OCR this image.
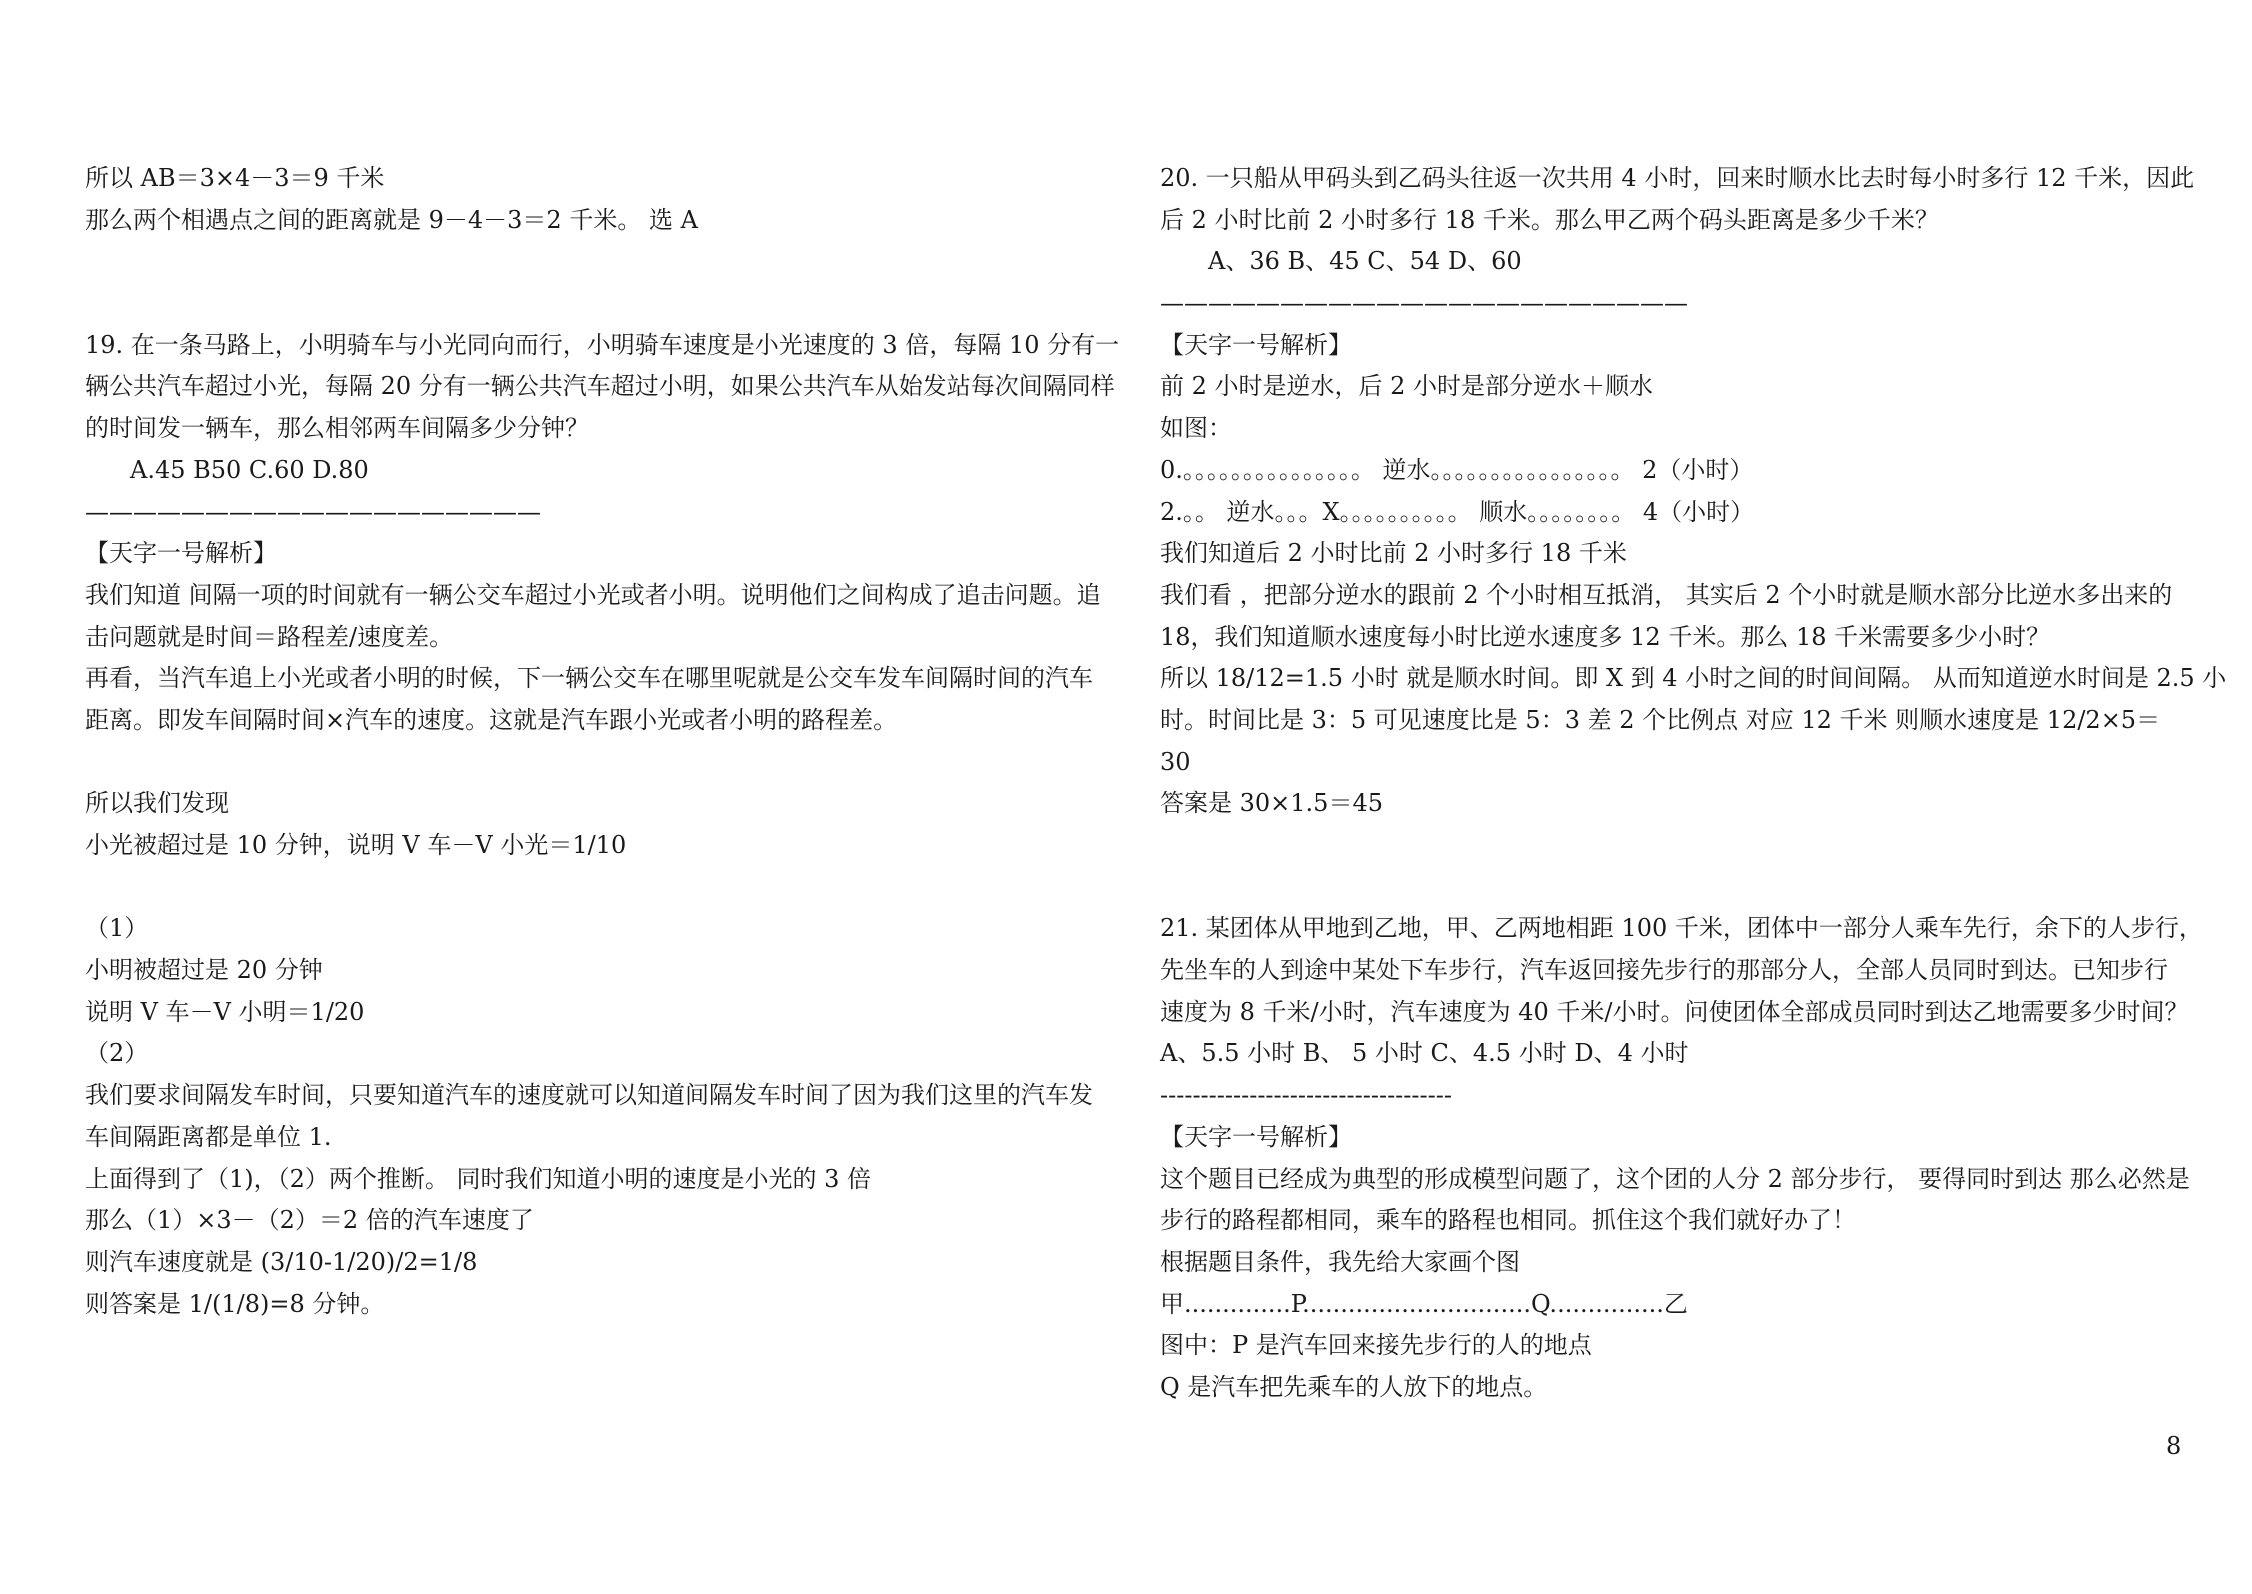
所以 AB＝3×4－3＝9 千米
那么两个相遇点之间的距离就是 9－4－3＝2 千米。 选 A
19. 在一条马路上，小明骑车与小光同向而行，小明骑车速度是小光速度的 3 倍，每隔 10 分有一
辆公共汽车超过小光，每隔 20 分有一辆公共汽车超过小明，如果公共汽车从始发站每次间隔同样
的时间发一辆车，那么相邻两车间隔多少分钟？
A.45 B50 C.60 D.80
———————————————————
【天字一号解析】
我们知道 间隔一项的时间就有一辆公交车超过小光或者小明。说明他们之间构成了追击问题。追
击问题就是时间＝路程差/速度差。
再看，当汽车追上小光或者小明的时候，下一辆公交车在哪里呢就是公交车发车间隔时间的汽车
距离。即发车间隔时间×汽车的速度。这就是汽车跟小光或者小明的路程差。
所以我们发现
小光被超过是 10 分钟，说明 V 车－V 小光＝1/10
（1）
小明被超过是 20 分钟
说明 V 车－V 小明＝1/20
（2）
我们要求间隔发车时间，只要知道汽车的速度就可以知道间隔发车时间了因为我们这里的汽车发
车间隔距离都是单位 1.
上面得到了（1)，（2）两个推断。 同时我们知道小明的速度是小光的 3 倍
那么（1）×3－（2）＝2 倍的汽车速度了
则汽车速度就是 (3/10-1/20)/2=1/8
则答案是 1/(1/8)=8 分钟。
20. 一只船从甲码头到乙码头往返一次共用 4 小时，回来时顺水比去时每小时多行 12 千米，因此
后 2 小时比前 2 小时多行 18 千米。那么甲乙两个码头距离是多少千米？
A、36 B、45 C、54 D、60
——————————————————————
【天字一号解析】
前 2 小时是逆水，后 2 小时是部分逆水＋顺水
如图：
0.。。。。。。。。。。。。。。。 逆水。。。。。。。。。。。。。。。。 2（小时）
2.。。 逆水。。。X。。。。。。。。。。 顺水。。。。。。。。 4（小时）
我们知道后 2 小时比前 2 小时多行 18 千米
我们看 ，把部分逆水的跟前 2 个小时相互抵消， 其实后 2 个小时就是顺水部分比逆水多出来的
18，我们知道顺水速度每小时比逆水速度多 12 千米。那么 18 千米需要多少小时？
所以 18/12=1.5 小时 就是顺水时间。即 X 到 4 小时之间的时间间隔。 从而知道逆水时间是 2.5 小
时。时间比是 3：5 可见速度比是 5：3 差 2 个比例点 对应 12 千米 则顺水速度是 12/2×5＝
30
答案是 30×1.5＝45
21. 某团体从甲地到乙地，甲、乙两地相距 100 千米，团体中一部分人乘车先行，余下的人步行，
先坐车的人到途中某处下车步行，汽车返回接先步行的那部分人，全部人员同时到达。已知步行
速度为 8 千米/小时，汽车速度为 40 千米/小时。问使团体全部成员同时到达乙地需要多少时间？
A、5.5 小时 B、 5 小时 C、4.5 小时 D、4 小时
------------------------------------
【天字一号解析】
这个题目已经成为典型的形成模型问题了，这个团的人分 2 部分步行， 要得同时到达 那么必然是
步行的路程都相同，乘车的路程也相同。抓住这个我们就好办了！
根据题目条件，我先给大家画个图
甲..............P..............................Q...............乙
图中：P 是汽车回来接先步行的人的地点
Q 是汽车把先乘车的人放下的地点。
8
